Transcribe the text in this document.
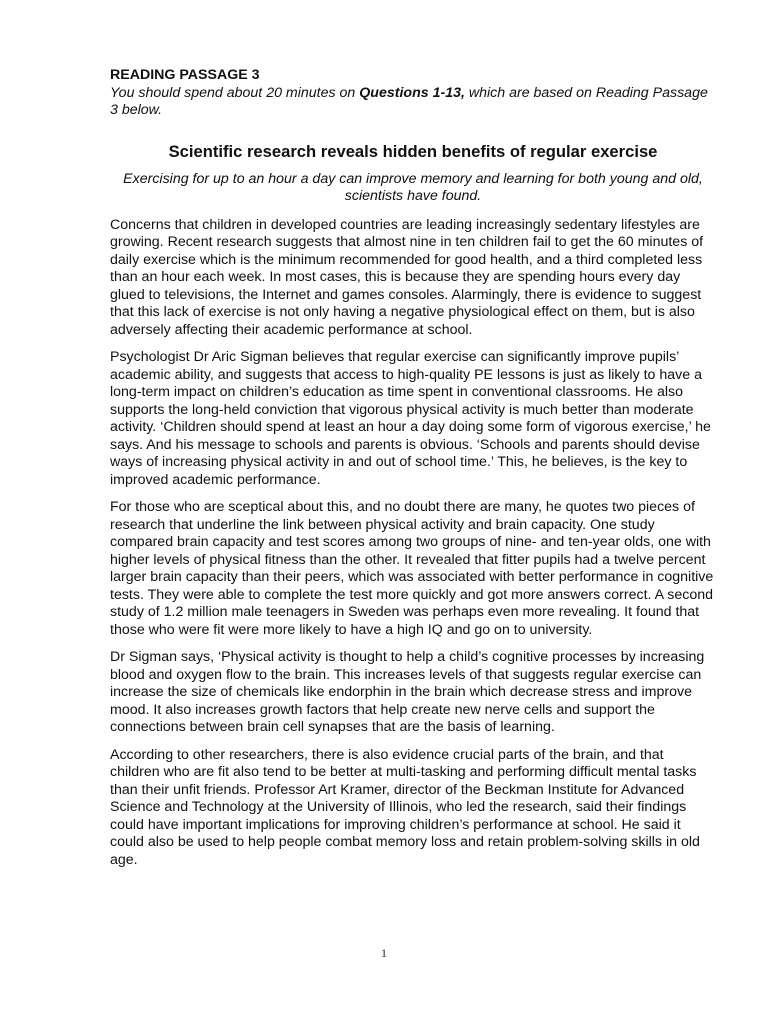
READING PASSAGE 3

You should spend about 20 minutes on Questions 1-13, which are based on Reading Passage 3 below.

Scientific research reveals hidden benefits of regular exercise

Exercising for up to an hour a day can improve memory and learning for both young and old, scientists have found.

Concerns that children in developed countries are leading increasingly sedentary lifestyles are growing. Recent research suggests that almost nine in ten children fail to get the 60 minutes of daily exercise which is the minimum recommended for good health, and a third completed less than an hour each week. In most cases, this is because they are spending hours every day glued to televisions, the Internet and games consoles. Alarmingly, there is evidence to suggest that this lack of exercise is not only having a negative physiological effect on them, but is also adversely affecting their academic performance at school.

Psychologist Dr Aric Sigman believes that regular exercise can significantly improve pupils’ academic ability, and suggests that access to high-quality PE lessons is just as likely to have a long-term impact on children’s education as time spent in conventional classrooms. He also supports the long-held conviction that vigorous physical activity is much better than moderate activity. ‘Children should spend at least an hour a day doing some form of vigorous exercise,’ he says. And his message to schools and parents is obvious. ‘Schools and parents should devise ways of increasing physical activity in and out of school time.’ This, he believes, is the key to improved academic performance.

For those who are sceptical about this, and no doubt there are many, he quotes two pieces of research that underline the link between physical activity and brain capacity. One study compared brain capacity and test scores among two groups of nine- and ten-year olds, one with higher levels of physical fitness than the other. It revealed that fitter pupils had a twelve percent larger brain capacity than their peers, which was associated with better performance in cognitive tests. They were able to complete the test more quickly and got more answers correct. A second study of 1.2 million male teenagers in Sweden was perhaps even more revealing. It found that those who were fit were more likely to have a high IQ and go on to university.

Dr Sigman says, ‘Physical activity is thought to help a child’s cognitive processes by increasing blood and oxygen flow to the brain. This increases levels of that suggests regular exercise can increase the size of chemicals like endorphin in the brain which decrease stress and improve mood. It also increases growth factors that help create new nerve cells and support the connections between brain cell synapses that are the basis of learning.

According to other researchers, there is also evidence crucial parts of the brain, and that children who are fit also tend to be better at multi-tasking and performing difficult mental tasks than their unfit friends. Professor Art Kramer, director of the Beckman Institute for Advanced Science and Technology at the University of Illinois, who led the research, said their findings could have important implications for improving children’s performance at school. He said it could also be used to help people combat memory loss and retain problem-solving skills in old age.

1
